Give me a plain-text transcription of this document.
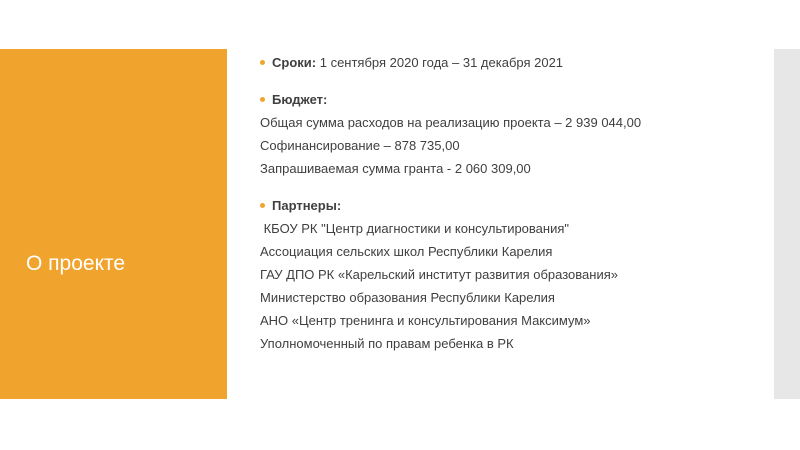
О проекте
Сроки: 1 сентября 2020 года – 31 декабря 2021
Бюджет:
Общая сумма расходов на реализацию проекта – 2 939 044,00
Софинансирование – 878 735,00
Запрашиваемая сумма гранта - 2 060 309,00
Партнеры:
КБОУ РК "Центр диагностики и консультирования"
Ассоциация сельских школ Республики Карелия
ГАУ ДПО РК «Карельский институт развития образования»
Министерство образования Республики Карелия
АНО «Центр тренинга и консультирования Максимум»
Уполномоченный по правам ребенка в РК
